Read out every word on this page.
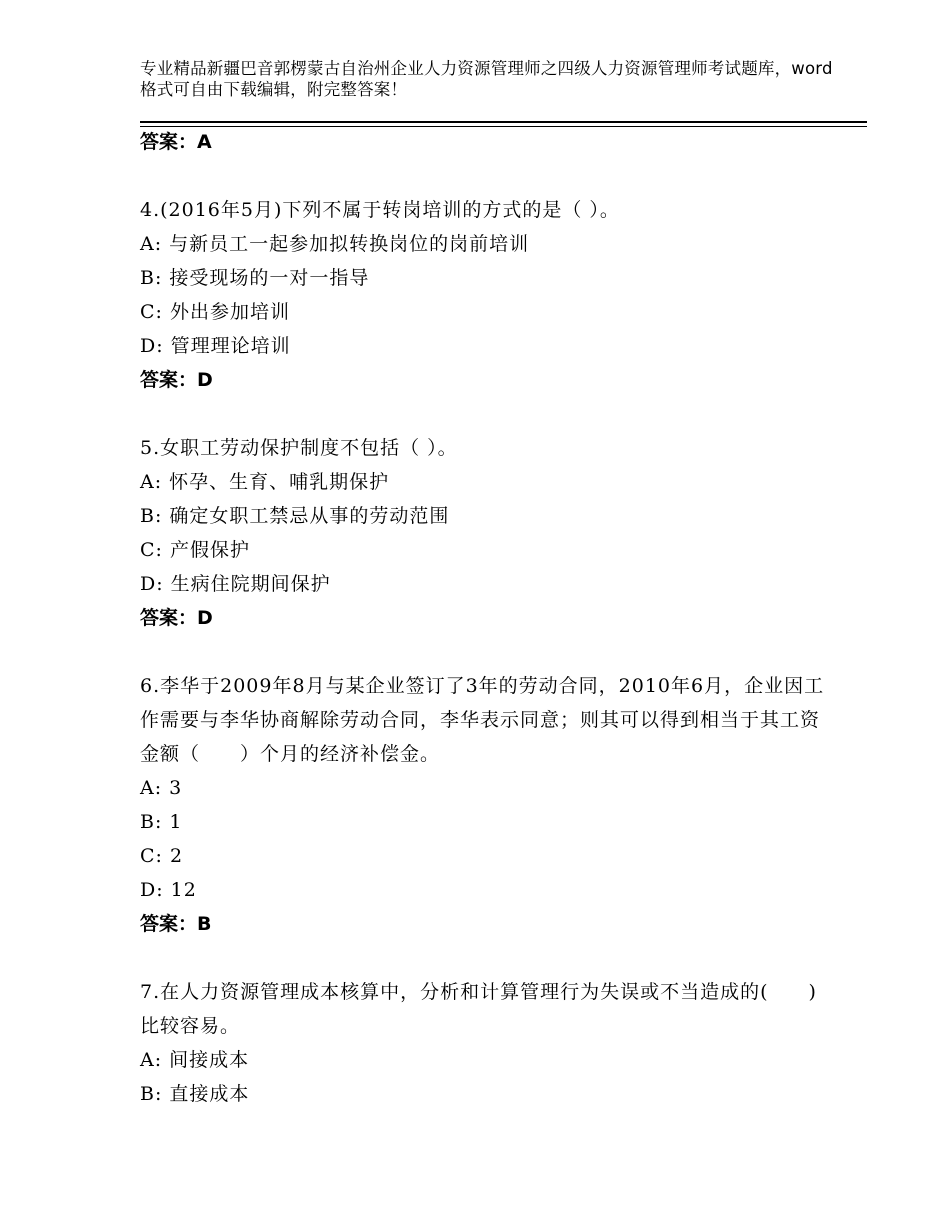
专业精品新疆巴音郭楞蒙古自治州企业人力资源管理师之四级人力资源管理师考试题库，word格式可自由下载编辑，附完整答案！
答案：A
4.(2016年5月)下列不属于转岗培训的方式的是（ ）。
A: 与新员工一起参加拟转换岗位的岗前培训
B: 接受现场的一对一指导
C: 外出参加培训
D: 管理理论培训
答案：D
5.女职工劳动保护制度不包括（ ）。
A: 怀孕、生育、哺乳期保护
B: 确定女职工禁忌从事的劳动范围
C: 产假保护
D: 生病住院期间保护
答案：D
6.李华于2009年8月与某企业签订了3年的劳动合同，2010年6月，企业因工作需要与李华协商解除劳动合同，李华表示同意；则其可以得到相当于其工资金额（　　）个月的经济补偿金。
A: 3
B: 1
C: 2
D: 12
答案：B
7.在人力资源管理成本核算中，分析和计算管理行为失误或不当造成的(　　)比较容易。
A: 间接成本
B: 直接成本
